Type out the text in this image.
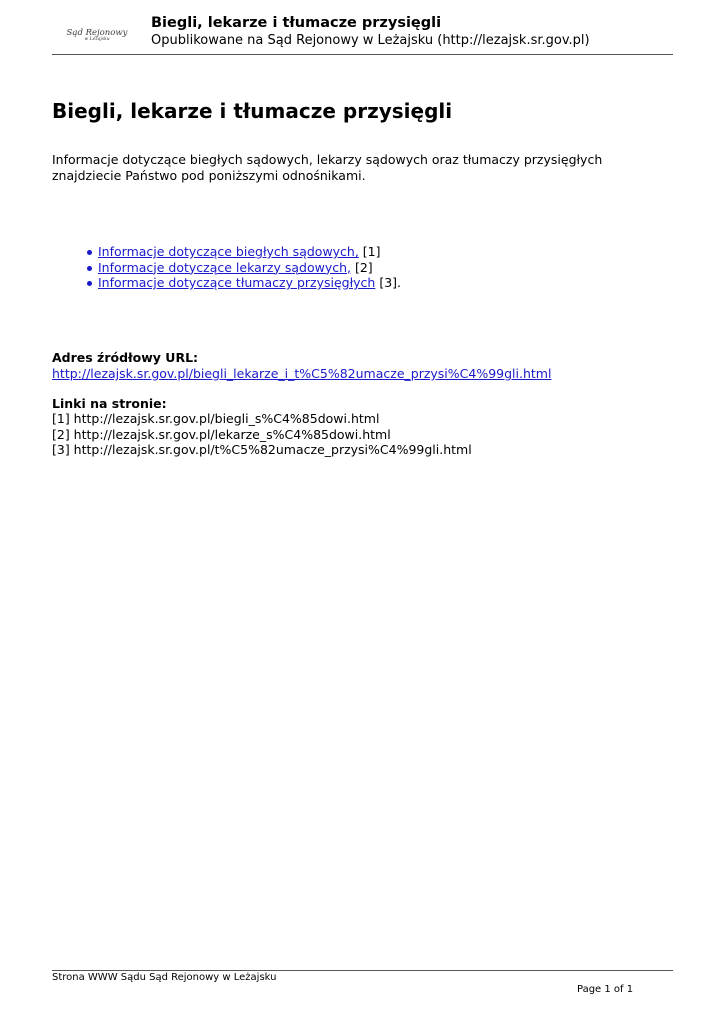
Sąd Rejonowy
w Leżajsku
Biegli, lekarze i tłumacze przysięgli
Opublikowane na Sąd Rejonowy w Leżajsku (http://lezajsk.sr.gov.pl)
Biegli, lekarze i tłumacze przysięgli

Informacje dotyczące biegłych sądowych, lekarzy sądowych oraz tłumaczy przysięgłych znajdziecie Państwo pod poniższymi odnośnikami.

Informacje dotyczące biegłych sądowych, [1]
Informacje dotyczące lekarzy sądowych, [2]
Informacje dotyczące tłumaczy przysięgłych [3].
Adres źródłowy URL:
http://lezajsk.sr.gov.pl/biegli_lekarze_i_t%C5%82umacze_przysi%C4%99gli.html
Linki na stronie:
[1] http://lezajsk.sr.gov.pl/biegli_s%C4%85dowi.html
[2] http://lezajsk.sr.gov.pl/lekarze_s%C4%85dowi.html
[3] http://lezajsk.sr.gov.pl/t%C5%82umacze_przysi%C4%99gli.html
Strona WWW Sądu Sąd Rejonowy w Leżajsku
Page 1 of 1
